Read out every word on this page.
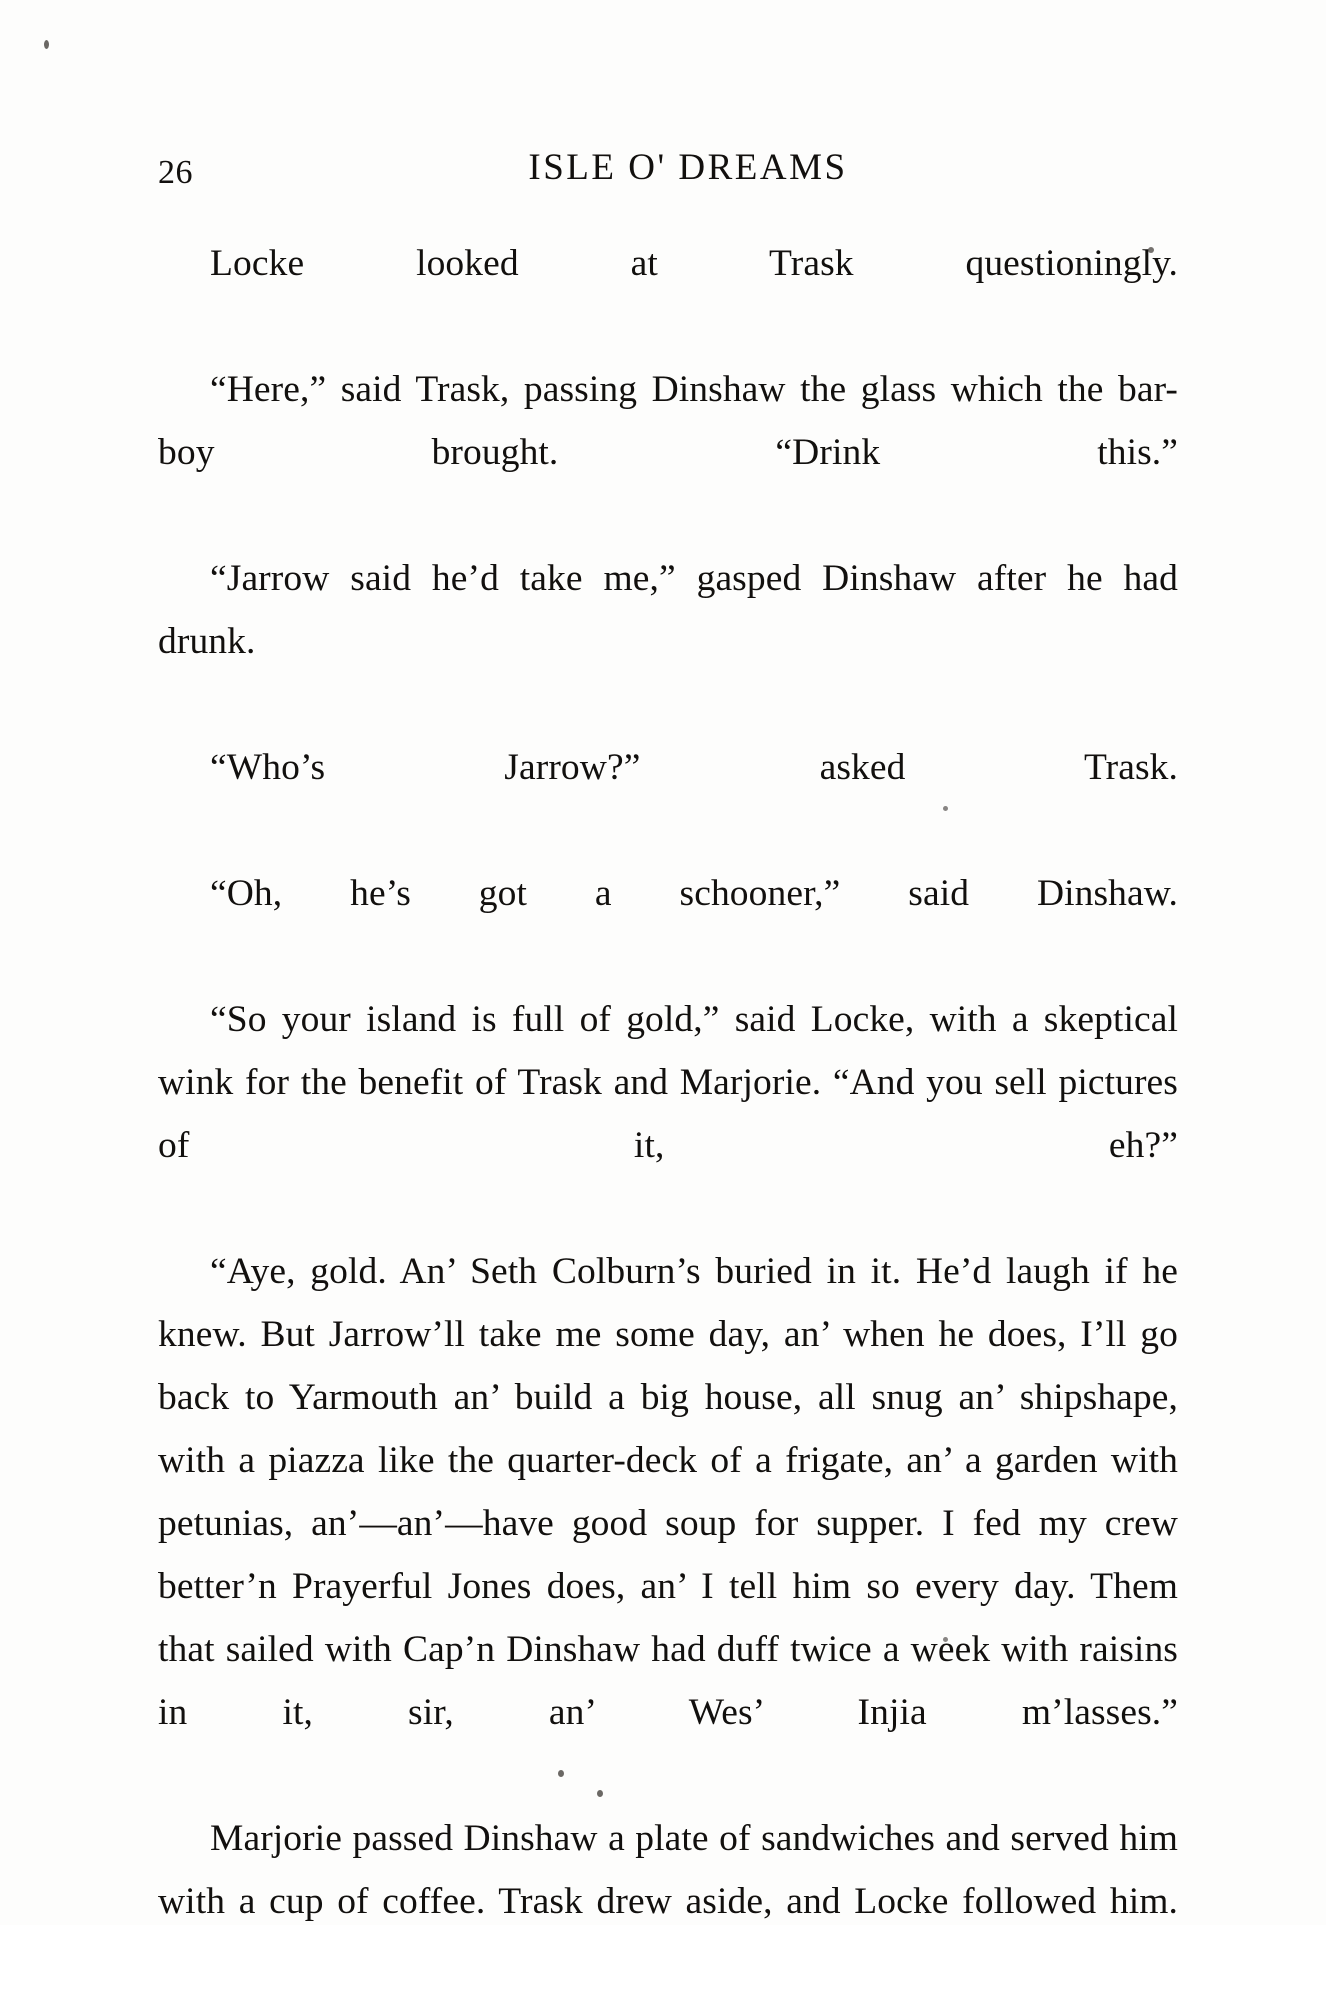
26	ISLE O' DREAMS

Locke looked at Trask questioningly.

“Here,” said Trask, passing Dinshaw the glass which the bar-boy brought. “Drink this.”

“Jarrow said he’d take me,” gasped Dinshaw after he had drunk.

“Who’s Jarrow?” asked Trask.

“Oh, he’s got a schooner,” said Dinshaw.

“So your island is full of gold,” said Locke, with a skeptical wink for the benefit of Trask and Marjorie. “And you sell pictures of it, eh?”

“Aye, gold. An’ Seth Colburn’s buried in it. He’d laugh if he knew. But Jarrow’ll take me some day, an’ when he does, I’ll go back to Yarmouth an’ build a big house, all snug an’ shipshape, with a piazza like the quarter-deck of a frigate, an’ a garden with petunias, an’—an’—have good soup for supper. I fed my crew better’n Prayerful Jones does, an’ I tell him so every day. Them that sailed with Cap’n Dinshaw had duff twice a week with raisins in it, sir, an’ Wes’ Injia m’lasses.”

Marjorie passed Dinshaw a plate of sandwiches and served him with a cup of coffee. Trask drew aside, and Locke followed him.
